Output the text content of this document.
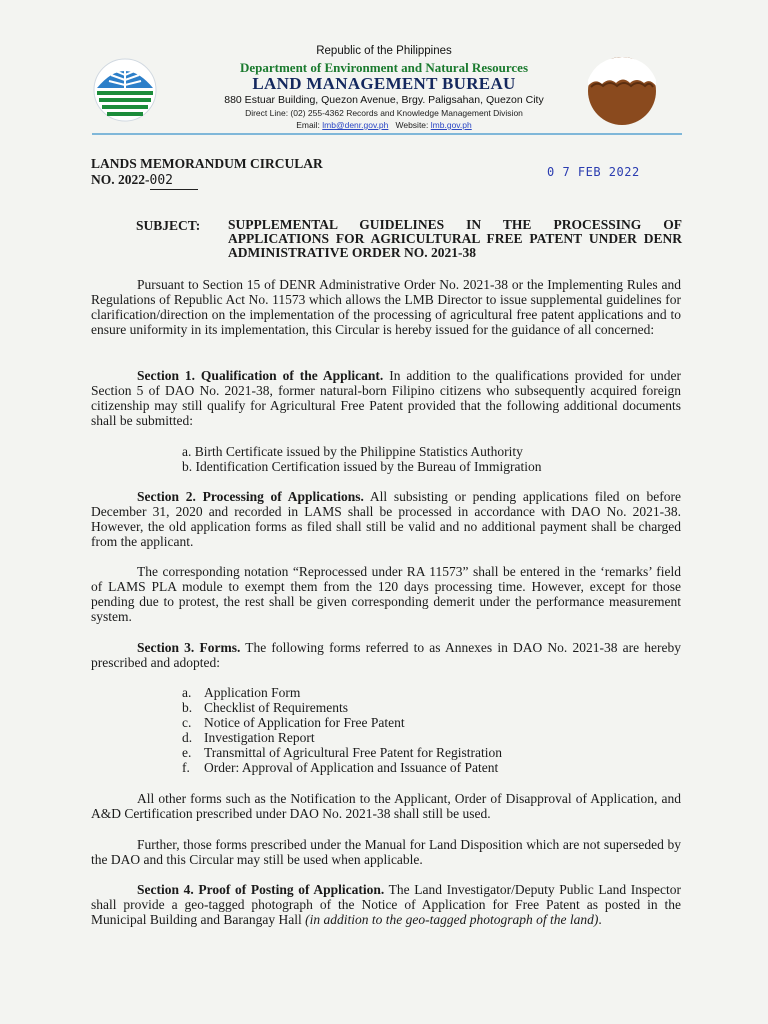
Republic of the Philippines
Department of Environment and Natural Resources
LAND MANAGEMENT BUREAU
880 Estuar Building, Quezon Avenue, Brgy. Paligsahan, Quezon City
Direct Line: (02) 255-4362 Records and Knowledge Management Division
Email: lmb@denr.gov.ph Website: lmb.gov.ph
LANDS MEMORANDUM CIRCULAR
NO. 2022-002
0 7 FEB 2022
SUBJECT: SUPPLEMENTAL GUIDELINES IN THE PROCESSING OF APPLICATIONS FOR AGRICULTURAL FREE PATENT UNDER DENR ADMINISTRATIVE ORDER NO. 2021-38
Pursuant to Section 15 of DENR Administrative Order No. 2021-38 or the Implementing Rules and Regulations of Republic Act No. 11573 which allows the LMB Director to issue supplemental guidelines for clarification/direction on the implementation of the processing of agricultural free patent applications and to ensure uniformity in its implementation, this Circular is hereby issued for the guidance of all concerned:
Section 1. Qualification of the Applicant. In addition to the qualifications provided for under Section 5 of DAO No. 2021-38, former natural-born Filipino citizens who subsequently acquired foreign citizenship may still qualify for Agricultural Free Patent provided that the following additional documents shall be submitted:
a. Birth Certificate issued by the Philippine Statistics Authority
b. Identification Certification issued by the Bureau of Immigration
Section 2. Processing of Applications. All subsisting or pending applications filed on before December 31, 2020 and recorded in LAMS shall be processed in accordance with DAO No. 2021-38. However, the old application forms as filed shall still be valid and no additional payment shall be charged from the applicant.
The corresponding notation “Reprocessed under RA 11573” shall be entered in the ‘remarks’ field of LAMS PLA module to exempt them from the 120 days processing time. However, except for those pending due to protest, the rest shall be given corresponding demerit under the performance measurement system.
Section 3. Forms. The following forms referred to as Annexes in DAO No. 2021-38 are hereby prescribed and adopted:
a. Application Form
b. Checklist of Requirements
c. Notice of Application for Free Patent
d. Investigation Report
e. Transmittal of Agricultural Free Patent for Registration
f. Order: Approval of Application and Issuance of Patent
All other forms such as the Notification to the Applicant, Order of Disapproval of Application, and A&D Certification prescribed under DAO No. 2021-38 shall still be used.
Further, those forms prescribed under the Manual for Land Disposition which are not superseded by the DAO and this Circular may still be used when applicable.
Section 4. Proof of Posting of Application. The Land Investigator/Deputy Public Land Inspector shall provide a geo-tagged photograph of the Notice of Application for Free Patent as posted in the Municipal Building and Barangay Hall (in addition to the geo-tagged photograph of the land).
